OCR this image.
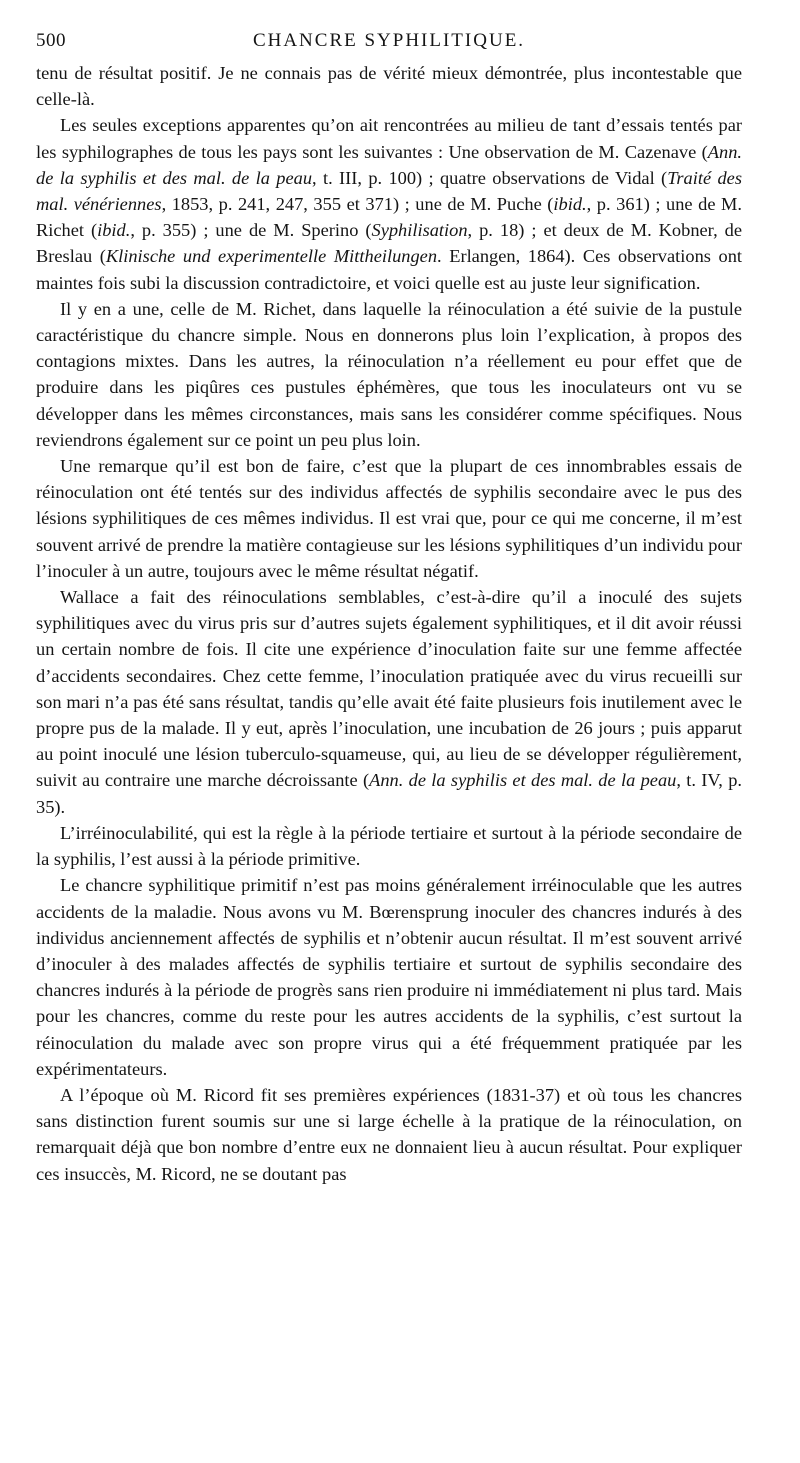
500	CHANCRE SYPHILITIQUE.

tenu de résultat positif. Je ne connais pas de vérité mieux démontrée, plus incontestable que celle-là.

Les seules exceptions apparentes qu’on ait rencontrées au milieu de tant d’essais tentés par les syphilographes de tous les pays sont les suivantes : Une observation de M. Cazenave (Ann. de la syphilis et des mal. de la peau, t. III, p. 100) ; quatre observations de Vidal (Traité des mal. vénériennes, 1853, p. 241, 247, 355 et 371) ; une de M. Puche (ibid., p. 361) ; une de M. Richet (ibid., p. 355) ; une de M. Sperino (Syphilisation, p. 18) ; et deux de M. Kobner, de Breslau (Klinische und experimentelle Mittheilungen. Erlangen, 1864). Ces observations ont maintes fois subi la discussion contradictoire, et voici quelle est au juste leur signification.

Il y en a une, celle de M. Richet, dans laquelle la réinoculation a été suivie de la pustule caractéristique du chancre simple. Nous en donnerons plus loin l’explication, à propos des contagions mixtes. Dans les autres, la réinoculation n’a réellement eu pour effet que de produire dans les piqûres ces pustules éphémères, que tous les inoculateurs ont vu se développer dans les mêmes circonstances, mais sans les considérer comme spécifiques. Nous reviendrons également sur ce point un peu plus loin.

Une remarque qu’il est bon de faire, c’est que la plupart de ces innombrables essais de réinoculation ont été tentés sur des individus affectés de syphilis secondaire avec le pus des lésions syphilitiques de ces mêmes individus. Il est vrai que, pour ce qui me concerne, il m’est souvent arrivé de prendre la matière contagieuse sur les lésions syphilitiques d’un individu pour l’inoculer à un autre, toujours avec le même résultat négatif.

Wallace a fait des réinoculations semblables, c’est-à-dire qu’il a inoculé des sujets syphilitiques avec du virus pris sur d’autres sujets également syphilitiques, et il dit avoir réussi un certain nombre de fois. Il cite une expérience d’inoculation faite sur une femme affectée d’accidents secondaires. Chez cette femme, l’inoculation pratiquée avec du virus recueilli sur son mari n’a pas été sans résultat, tandis qu’elle avait été faite plusieurs fois inutilement avec le propre pus de la malade. Il y eut, après l’inoculation, une incubation de 26 jours ; puis apparut au point inoculé une lésion tuberculo-squameuse, qui, au lieu de se développer régulièrement, suivit au contraire une marche décroissante (Ann. de la syphilis et des mal. de la peau, t. IV, p. 35).

L’irréinoculabilité, qui est la règle à la période tertiaire et surtout à la période secondaire de la syphilis, l’est aussi à la période primitive.

Le chancre syphilitique primitif n’est pas moins généralement irréinoculable que les autres accidents de la maladie. Nous avons vu M. Bœrensprung inoculer des chancres indurés à des individus anciennement affectés de syphilis et n’obtenir aucun résultat. Il m’est souvent arrivé d’inoculer à des malades affectés de syphilis tertiaire et surtout de syphilis secondaire des chancres indurés à la période de progrès sans rien produire ni immédiatement ni plus tard. Mais pour les chancres, comme du reste pour les autres accidents de la syphilis, c’est surtout la réinoculation du malade avec son propre virus qui a été fréquemment pratiquée par les expérimentateurs.

A l’époque où M. Ricord fit ses premières expériences (1831-37) et où tous les chancres sans distinction furent soumis sur une si large échelle à la pratique de la réinoculation, on remarquait déjà que bon nombre d’entre eux ne donnaient lieu à aucun résultat. Pour expliquer ces insuccès, M. Ricord, ne se doutant pas
